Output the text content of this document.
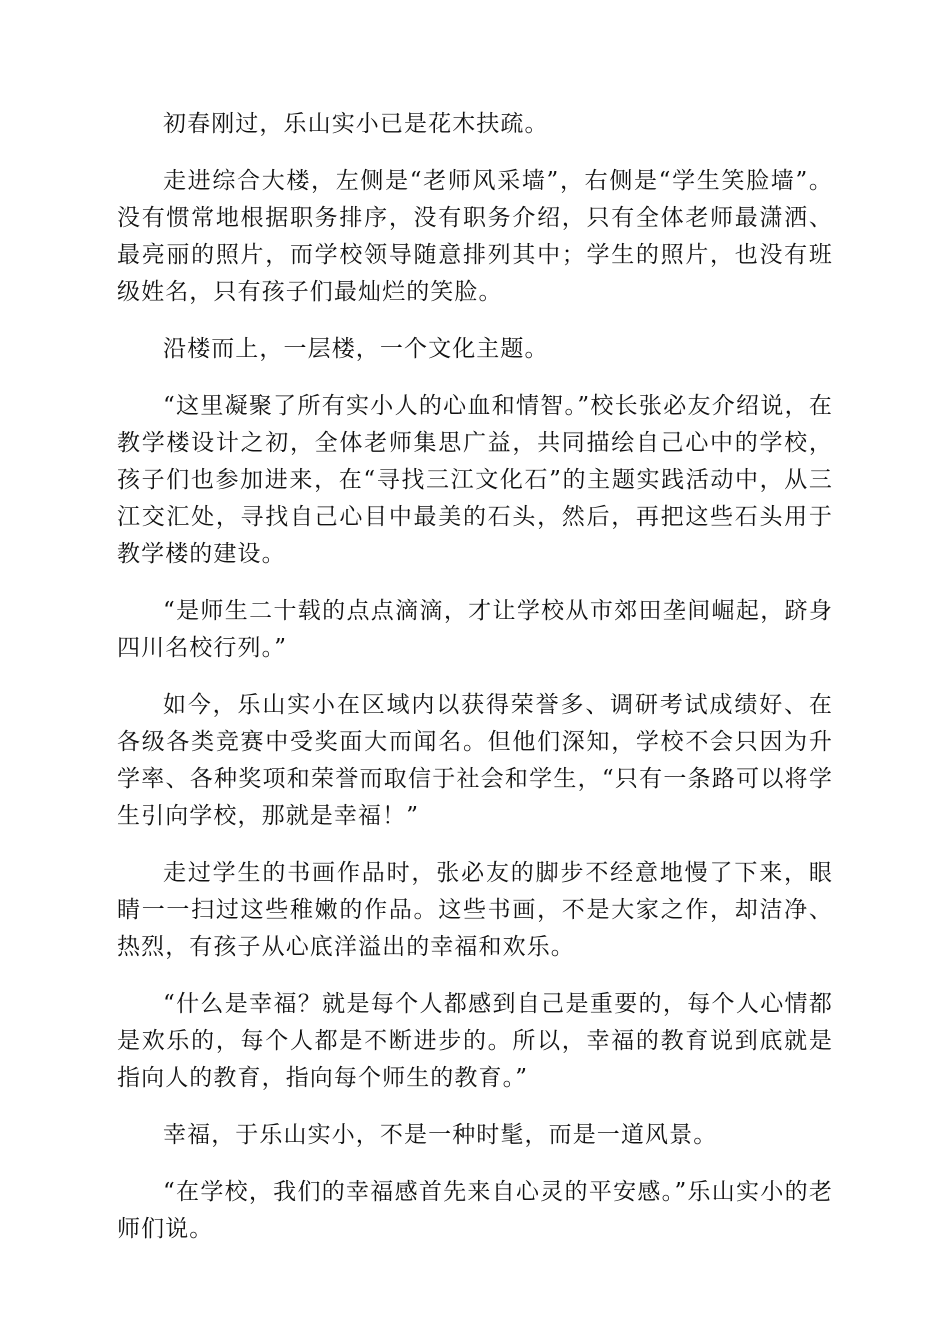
初春刚过，乐山实小已是花木扶疏。

走进综合大楼，左侧是“老师风采墙”，右侧是“学生笑脸墙”。没有惯常地根据职务排序，没有职务介绍，只有全体老师最潇洒、最亮丽的照片，而学校领导随意排列其中；学生的照片，也没有班级姓名，只有孩子们最灿烂的笑脸。

沿楼而上，一层楼，一个文化主题。

“这里凝聚了所有实小人的心血和情智。”校长张必友介绍说，在教学楼设计之初，全体老师集思广益，共同描绘自己心中的学校，孩子们也参加进来，在“寻找三江文化石”的主题实践活动中，从三江交汇处，寻找自己心目中最美的石头，然后，再把这些石头用于教学楼的建设。

“是师生二十载的点点滴滴，才让学校从市郊田垄间崛起，跻身四川名校行列。”

如今，乐山实小在区域内以获得荣誉多、调研考试成绩好、在各级各类竞赛中受奖面大而闻名。但他们深知，学校不会只因为升学率、各种奖项和荣誉而取信于社会和学生，“只有一条路可以将学生引向学校，那就是幸福！”

走过学生的书画作品时，张必友的脚步不经意地慢了下来，眼睛一一扫过这些稚嫩的作品。这些书画，不是大家之作，却洁净、热烈，有孩子从心底洋溢出的幸福和欢乐。

“什么是幸福？就是每个人都感到自己是重要的，每个人心情都是欢乐的，每个人都是不断进步的。所以，幸福的教育说到底就是指向人的教育，指向每个师生的教育。”

幸福，于乐山实小，不是一种时髦，而是一道风景。

“在学校，我们的幸福感首先来自心灵的平安感。”乐山实小的老师们说。
